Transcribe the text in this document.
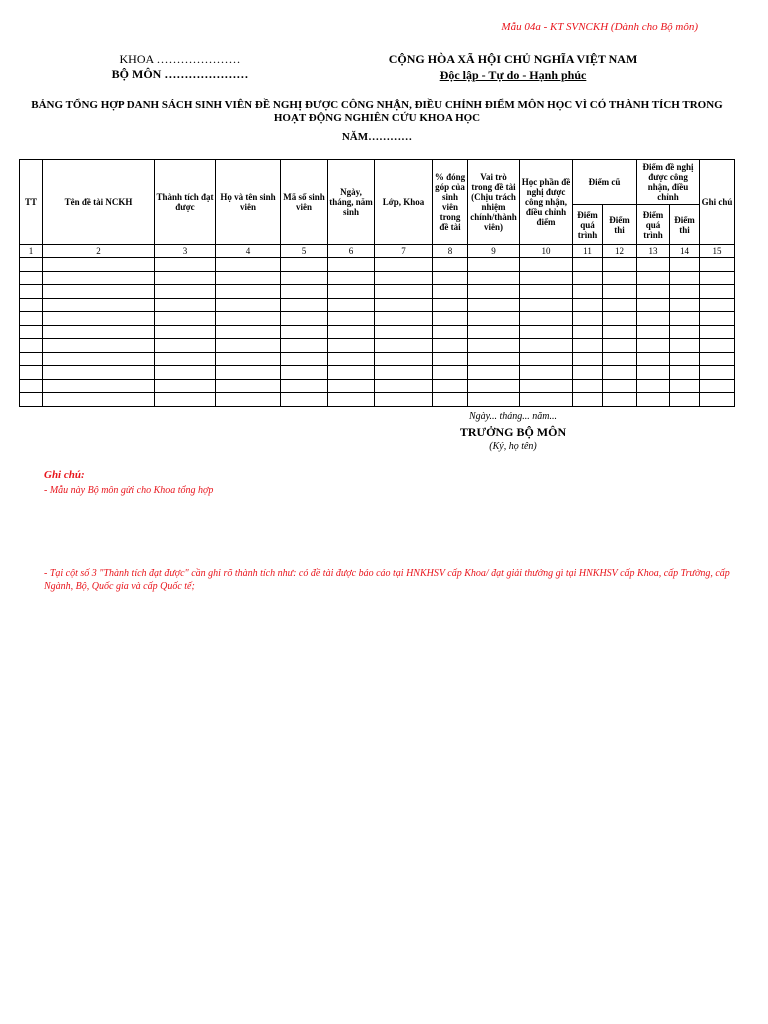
Mẫu 04a - KT SVNCKH (Dành cho Bộ môn)
KHOA …………………
BỘ MÔN …………………
CỘNG HÒA XÃ HỘI CHỦ NGHĨA VIỆT NAM
Độc lập - Tự do - Hạnh phúc
BẢNG TỔNG HỢP DANH SÁCH SINH VIÊN ĐỀ NGHỊ ĐƯỢC CÔNG NHẬN, ĐIỀU CHỈNH ĐIỂM MÔN HỌC VÌ CÓ THÀNH TÍCH TRONG HOẠT ĐỘNG NGHIÊN CỨU KHOA HỌC
NĂM…………
TT	Tên đề tài NCKH	Thành tích đạt được	Họ và tên sinh viên	Mã số sinh viên	Ngày, tháng, năm sinh	Lớp, Khoa	% đóng góp của sinh viên trong đề tài	Vai trò trong đề tài (Chịu trách nhiệm chính/thành viên)	Học phần đề nghị được công nhận, điều chỉnh điểm	Điểm cũ		Điểm đề nghị được công nhận, điều chỉnh		Ghi chú
										Điểm quá trình	Điểm thi	Điểm quá trình	Điểm thi	
1	2	3	4	5	6	7	8	9	10	11	12	13	14	15

Ngày... tháng... năm...
TRƯỞNG BỘ MÔN
(Ký, họ tên)
Ghi chú:
- Mẫu này Bộ môn gửi cho Khoa tổng hợp
- Tại cột số 3 "Thành tích đạt được" cần ghi rõ thành tích như: có đề tài được báo cáo tại HNKHSV cấp Khoa/ đạt giải thưởng gì tại HNKHSV cấp Khoa, cấp Trường, cấp Ngành, Bộ, Quốc gia và cấp Quốc tế;
